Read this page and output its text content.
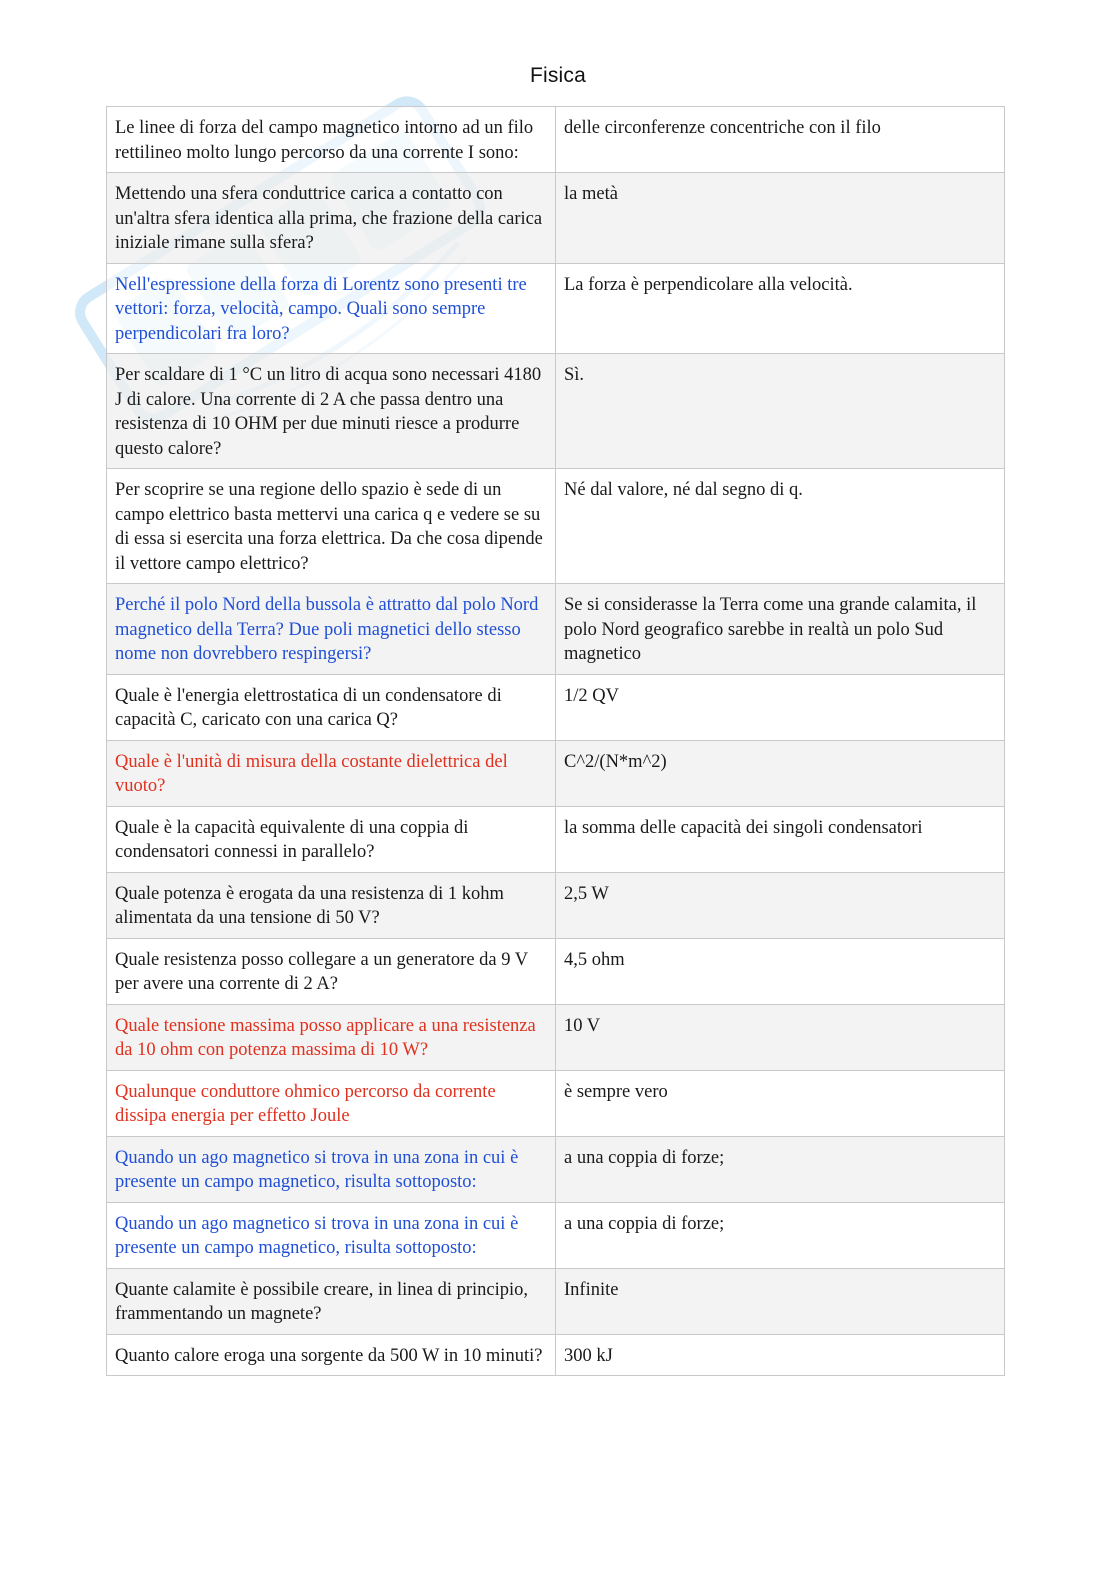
Fisica
Le linee di forza del campo magnetico intorno ad un filo rettilineo molto lungo percorso da una corrente I sono:	delle circonferenze concentriche con il filo
Mettendo una sfera conduttrice carica a contatto con un'altra sfera identica alla prima, che frazione della carica iniziale rimane sulla sfera?	la metà
Nell'espressione della forza di Lorentz sono presenti tre vettori: forza, velocità, campo. Quali sono sempre perpendicolari fra loro?	La forza è perpendicolare alla velocità.
Per scaldare di 1 °C un litro di acqua sono necessari 4180 J di calore. Una corrente di 2 A che passa dentro una resistenza di 10 OHM per due minuti riesce a produrre questo calore?	Sì.
Per scoprire se una regione dello spazio è sede di un campo elettrico basta mettervi una carica q e vedere se su di essa si esercita una forza elettrica. Da che cosa dipende il vettore campo elettrico?	Né dal valore, né dal segno di q.
Perché il polo Nord della bussola è attratto dal polo Nord magnetico della Terra? Due poli magnetici dello stesso nome non dovrebbero respingersi?	Se si considerasse la Terra come una grande calamita, il polo Nord geografico sarebbe in realtà un polo Sud magnetico
Quale è l'energia elettrostatica di un condensatore di capacità C, caricato con una carica Q?	1/2 QV
Quale è l'unità di misura della costante dielettrica del vuoto?	C^2/(N*m^2)
Quale è la capacità equivalente di una coppia di condensatori connessi in parallelo?	la somma delle capacità dei singoli condensatori
Quale potenza è erogata da una resistenza di 1 kohm alimentata da una tensione di 50 V?	2,5 W
Quale resistenza posso collegare a un generatore da 9 V per avere una corrente di 2 A?	4,5 ohm
Quale tensione massima posso applicare a una resistenza da 10 ohm con potenza massima di 10 W?	10 V
Qualunque conduttore ohmico percorso da corrente dissipa energia per effetto Joule	è sempre vero
Quando un ago magnetico si trova in una zona in cui è presente un campo magnetico, risulta sottoposto:	a una coppia di forze;
Quando un ago magnetico si trova in una zona in cui è presente un campo magnetico, risulta sottoposto:	a una coppia di forze;
Quante calamite è possibile creare, in linea di principio, frammentando un magnete?	Infinite
Quanto calore eroga una sorgente da 500 W in 10 minuti?	300 kJ
